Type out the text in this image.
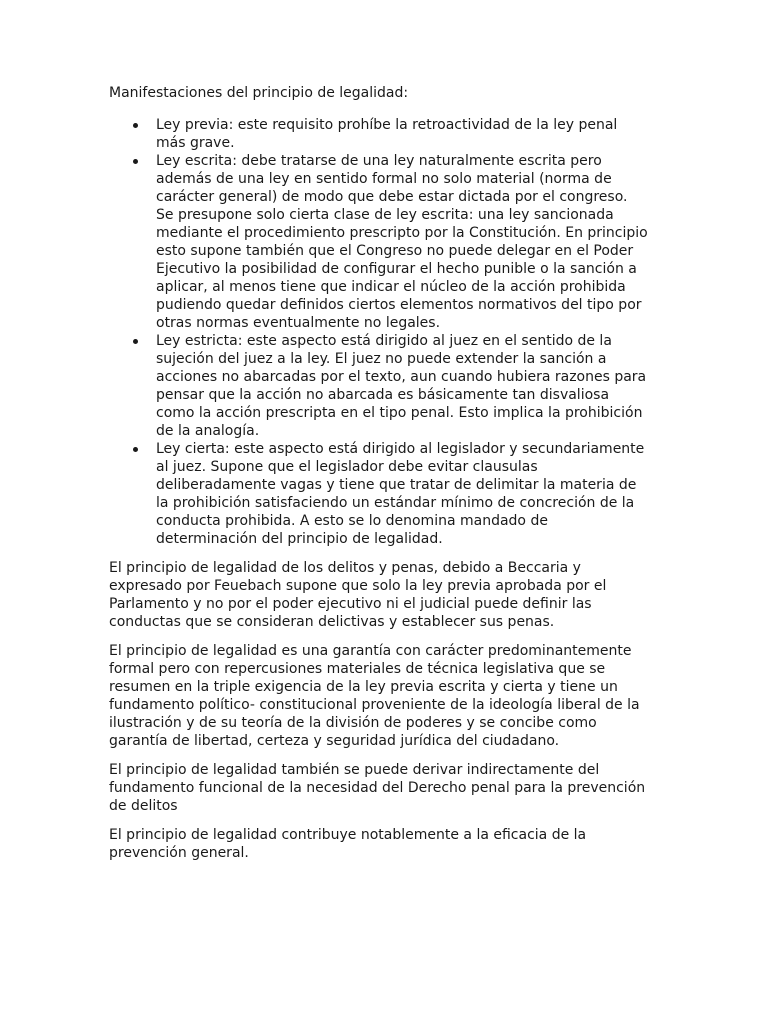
Manifestaciones del principio de legalidad:
Ley previa: este requisito prohíbe la retroactividad de la ley penal
más grave.
Ley escrita: debe tratarse de una ley naturalmente escrita pero
además de una ley en sentido formal no solo material (norma de
carácter general) de modo que debe estar dictada por el congreso.
Se presupone solo cierta clase de ley escrita: una ley sancionada
mediante el procedimiento prescripto por la Constitución. En principio
esto supone también que el Congreso no puede delegar en el Poder
Ejecutivo la posibilidad de configurar el hecho punible o la sanción a
aplicar, al menos tiene que indicar el núcleo de la acción prohibida
pudiendo quedar definidos ciertos elementos normativos del tipo por
otras normas eventualmente no legales.
Ley estricta: este aspecto está dirigido al juez en el sentido de la
sujeción del juez a la ley. El juez no puede extender la sanción a
acciones no abarcadas por el texto, aun cuando hubiera razones para
pensar que la acción no abarcada es básicamente tan disvaliosa
como la acción prescripta en el tipo penal. Esto implica la prohibición
de la analogía.
Ley cierta: este aspecto está dirigido al legislador y secundariamente
al juez. Supone que el legislador debe evitar clausulas
deliberadamente vagas y tiene que tratar de delimitar la materia de
la prohibición satisfaciendo un estándar mínimo de concreción de la
conducta prohibida. A esto se lo denomina mandado de
determinación del principio de legalidad.

El principio de legalidad de los delitos y penas, debido a Beccaria y
expresado por Feuebach supone que solo la ley previa aprobada por el
Parlamento y no por el poder ejecutivo ni el judicial puede definir las
conductas que se consideran delictivas y establecer sus penas.

El principio de legalidad es una garantía con carácter predominantemente
formal pero con repercusiones materiales de técnica legislativa que se
resumen en la triple exigencia de la ley previa escrita y cierta y tiene un
fundamento político- constitucional proveniente de la ideología liberal de la
ilustración y de su teoría de la división de poderes y se concibe como
garantía de libertad, certeza y seguridad jurídica del ciudadano.

El principio de legalidad también se puede derivar indirectamente del
fundamento funcional de la necesidad del Derecho penal para la prevención
de delitos

El principio de legalidad contribuye notablemente a la eficacia de la
prevención general.
